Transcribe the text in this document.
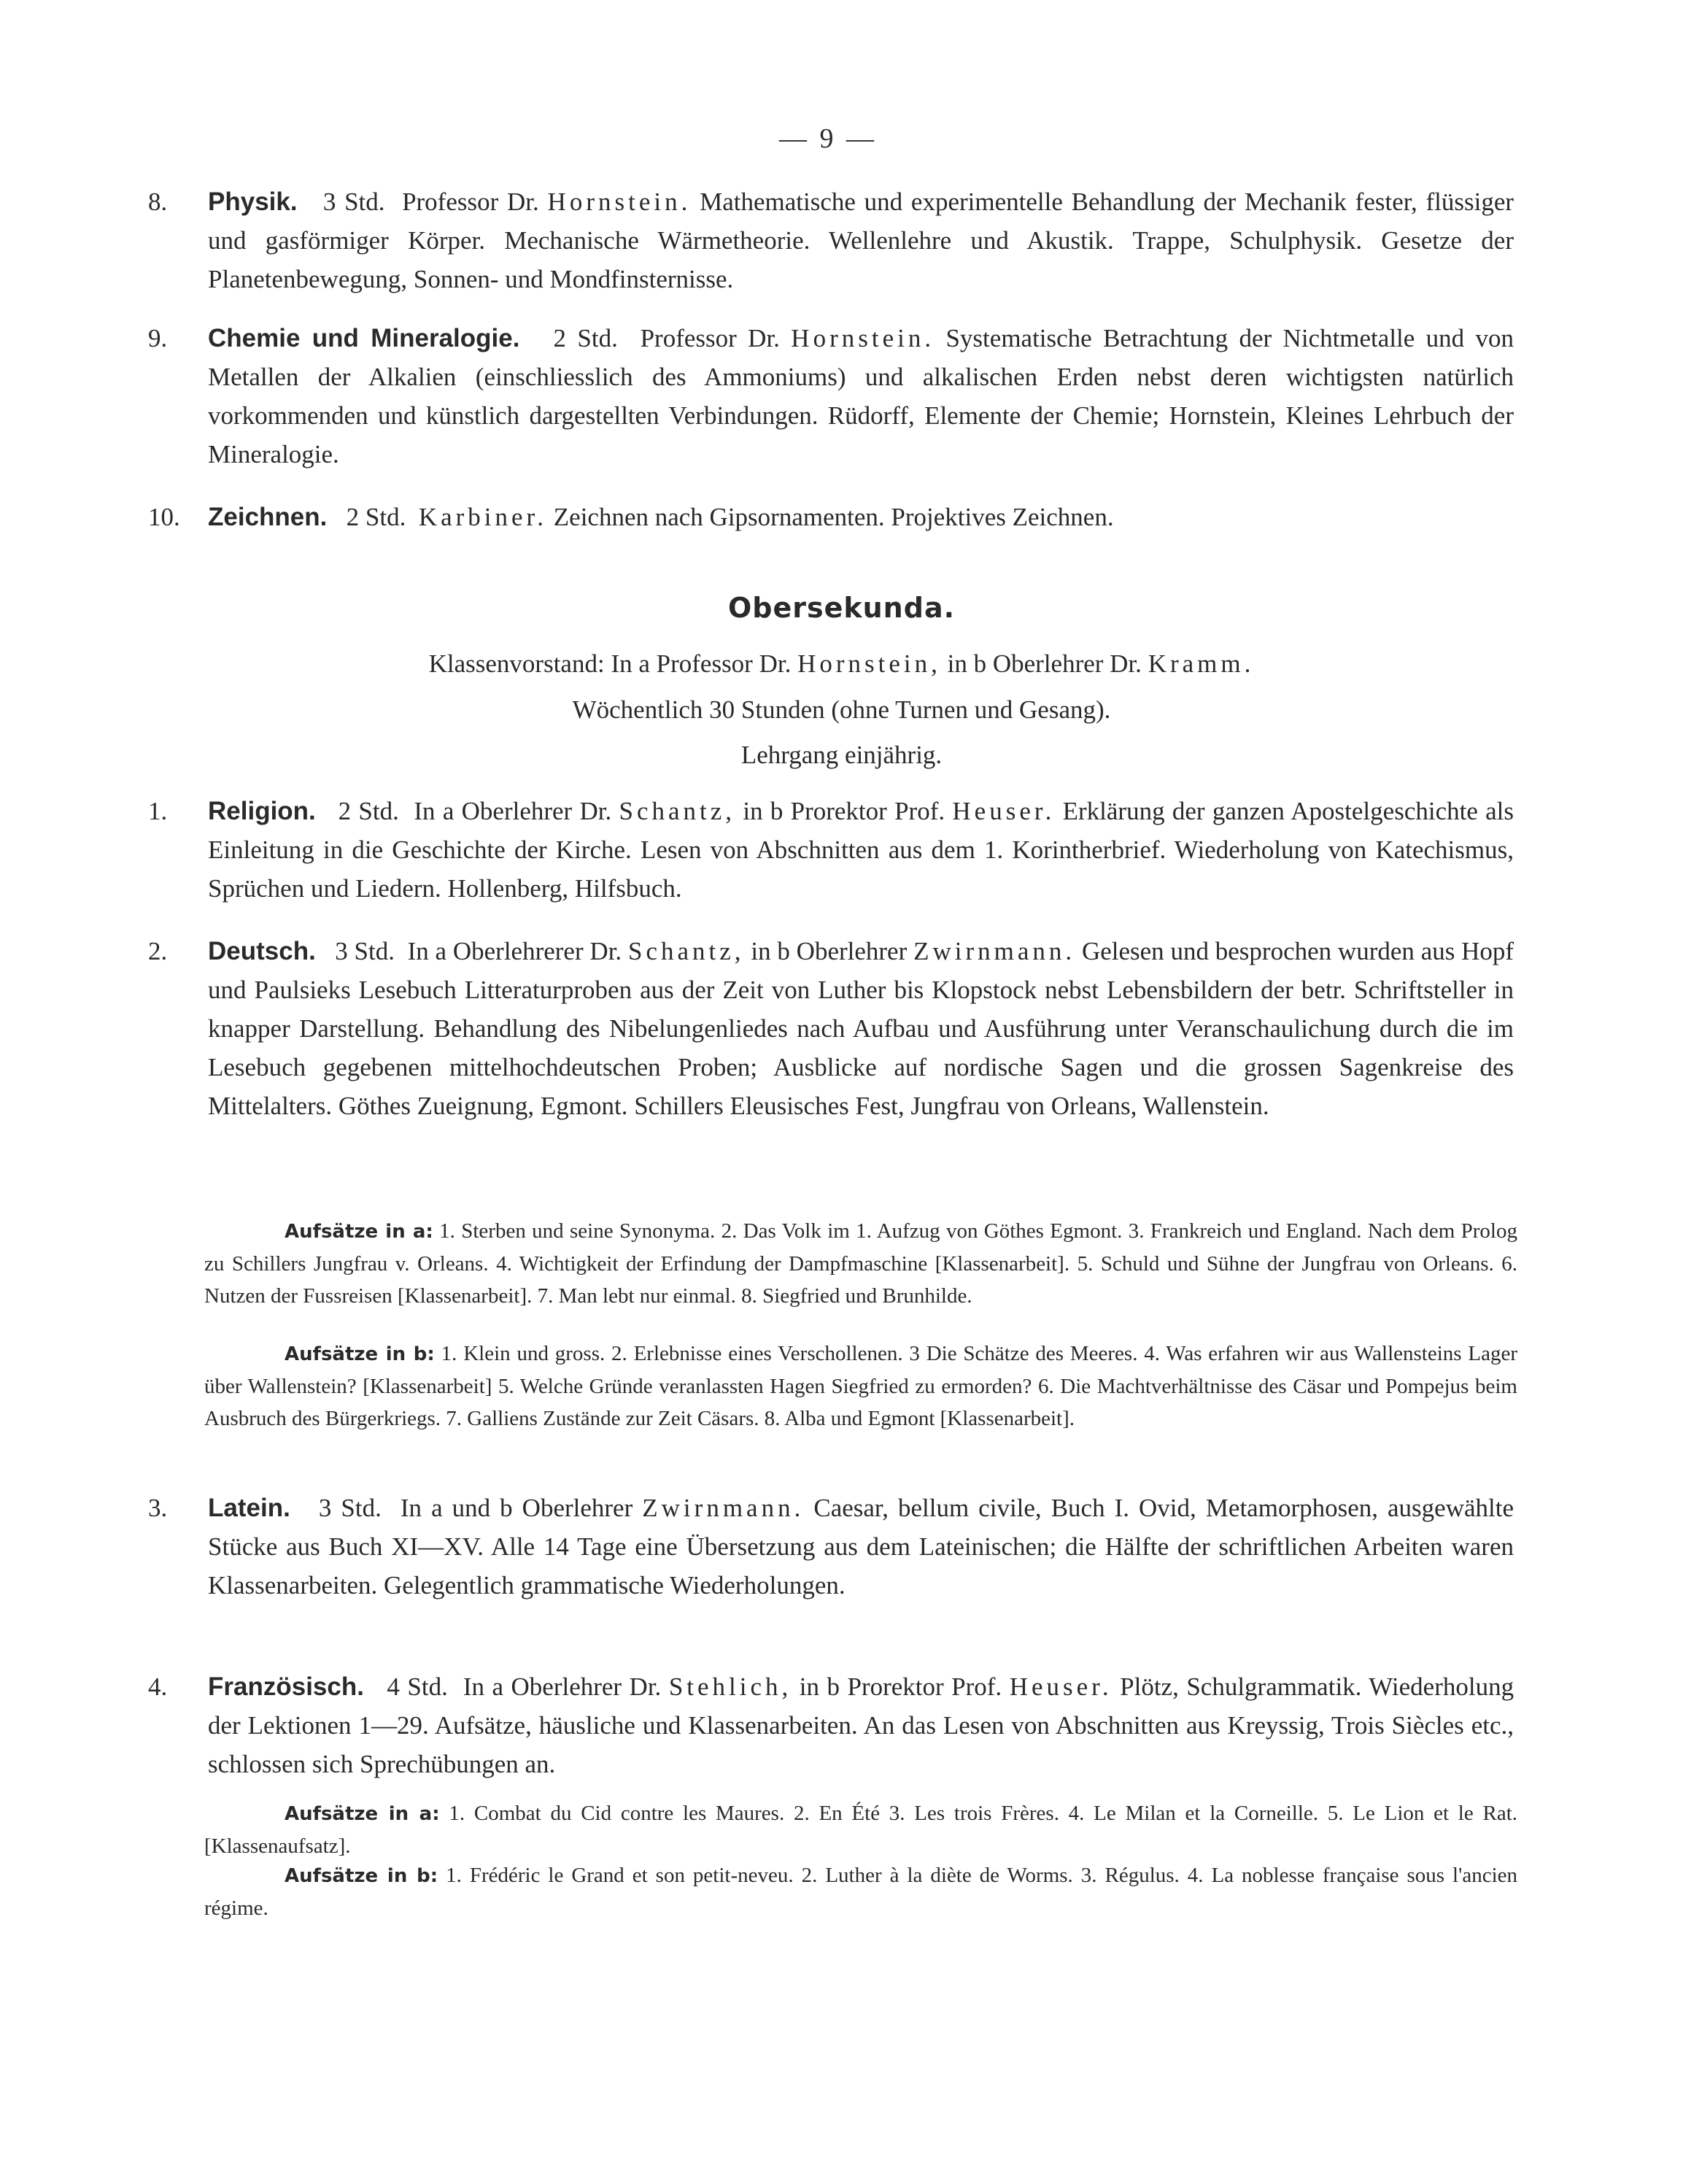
— 9 —
8.	Physik. 3 Std. Professor Dr. Hornstein. Mathematische und experimentelle Behandlung der Mechanik fester, flüssiger und gasförmiger Körper. Mechanische Wärmetheorie. Wellenlehre und Akustik. Trappe, Schulphysik. Gesetze der Planetenbewegung, Sonnen- und Mondfinsternisse.
9.	Chemie und Mineralogie. 2 Std. Professor Dr. Hornstein. Systematische Betrachtung der Nichtmetalle und von Metallen der Alkalien (einschliesslich des Ammoniums) und alkalischen Erden nebst deren wichtigsten natürlich vorkommenden und künstlich dargestellten Verbindungen. Rüdorff, Elemente der Chemie; Hornstein, Kleines Lehrbuch der Mineralogie.
10.	Zeichnen. 2 Std. Karbiner. Zeichnen nach Gipsornamenten. Projektives Zeichnen.
Obersekunda.
Klassenvorstand: In a Professor Dr. Hornstein, in b Oberlehrer Dr. Kramm.
Wöchentlich 30 Stunden (ohne Turnen und Gesang).
Lehrgang einjährig.
1.	Religion. 2 Std. In a Oberlehrer Dr. Schantz, in b Prorektor Prof. Heuser. Erklärung der ganzen Apostelgeschichte als Einleitung in die Geschichte der Kirche. Lesen von Abschnitten aus dem 1. Korintherbrief. Wiederholung von Katechismus, Sprüchen und Liedern. Hollenberg, Hilfsbuch.
2.	Deutsch. 3 Std. In a Oberlehrerer Dr. Schantz, in b Oberlehrer Zwirnmann. Gelesen und besprochen wurden aus Hopf und Paulsieks Lesebuch Litteraturproben aus der Zeit von Luther bis Klopstock nebst Lebensbildern der betr. Schriftsteller in knapper Darstellung. Behandlung des Nibelungenliedes nach Aufbau und Ausführung unter Veranschaulichung durch die im Lesebuch gegebenen mittelhochdeutschen Proben; Ausblicke auf nordische Sagen und die grossen Sagenkreise des Mittelalters. Göthes Zueignung, Egmont. Schillers Eleusisches Fest, Jungfrau von Orleans, Wallenstein.
Aufsätze in a: 1. Sterben und seine Synonyma. 2. Das Volk im 1. Aufzug von Göthes Egmont. 3. Frankreich und England. Nach dem Prolog zu Schillers Jungfrau v. Orleans. 4. Wichtigkeit der Erfindung der Dampfmaschine [Klassenarbeit]. 5. Schuld und Sühne der Jungfrau von Orleans. 6. Nutzen der Fussreisen [Klassenarbeit]. 7. Man lebt nur einmal. 8. Siegfried und Brunhilde.
Aufsätze in b: 1. Klein und gross. 2. Erlebnisse eines Verschollenen. 3 Die Schätze des Meeres. 4. Was erfahren wir aus Wallensteins Lager über Wallenstein? [Klassenarbeit] 5. Welche Gründe veranlassten Hagen Siegfried zu ermorden? 6. Die Machtverhältnisse des Cäsar und Pompejus beim Ausbruch des Bürgerkriegs. 7. Galliens Zustände zur Zeit Cäsars. 8. Alba und Egmont [Klassenarbeit].
3.	Latein. 3 Std. In a und b Oberlehrer Zwirnmann. Caesar, bellum civile, Buch I. Ovid, Metamorphosen, ausgewählte Stücke aus Buch XI—XV. Alle 14 Tage eine Übersetzung aus dem Lateinischen; die Hälfte der schriftlichen Arbeiten waren Klassenarbeiten. Gelegentlich grammatische Wiederholungen.
4.	Französisch. 4 Std. In a Oberlehrer Dr. Stehlich, in b Prorektor Prof. Heuser. Plötz, Schulgrammatik. Wiederholung der Lektionen 1—29. Aufsätze, häusliche und Klassenarbeiten. An das Lesen von Abschnitten aus Kreyssig, Trois Siècles etc., schlossen sich Sprechübungen an.
Aufsätze in a: 1. Combat du Cid contre les Maures. 2. En Été 3. Les trois Frères. 4. Le Milan et la Corneille. 5. Le Lion et le Rat. [Klassenaufsatz].
Aufsätze in b: 1. Frédéric le Grand et son petit-neveu. 2. Luther à la diète de Worms. 3. Régulus. 4. La noblesse française sous l'ancien régime.
